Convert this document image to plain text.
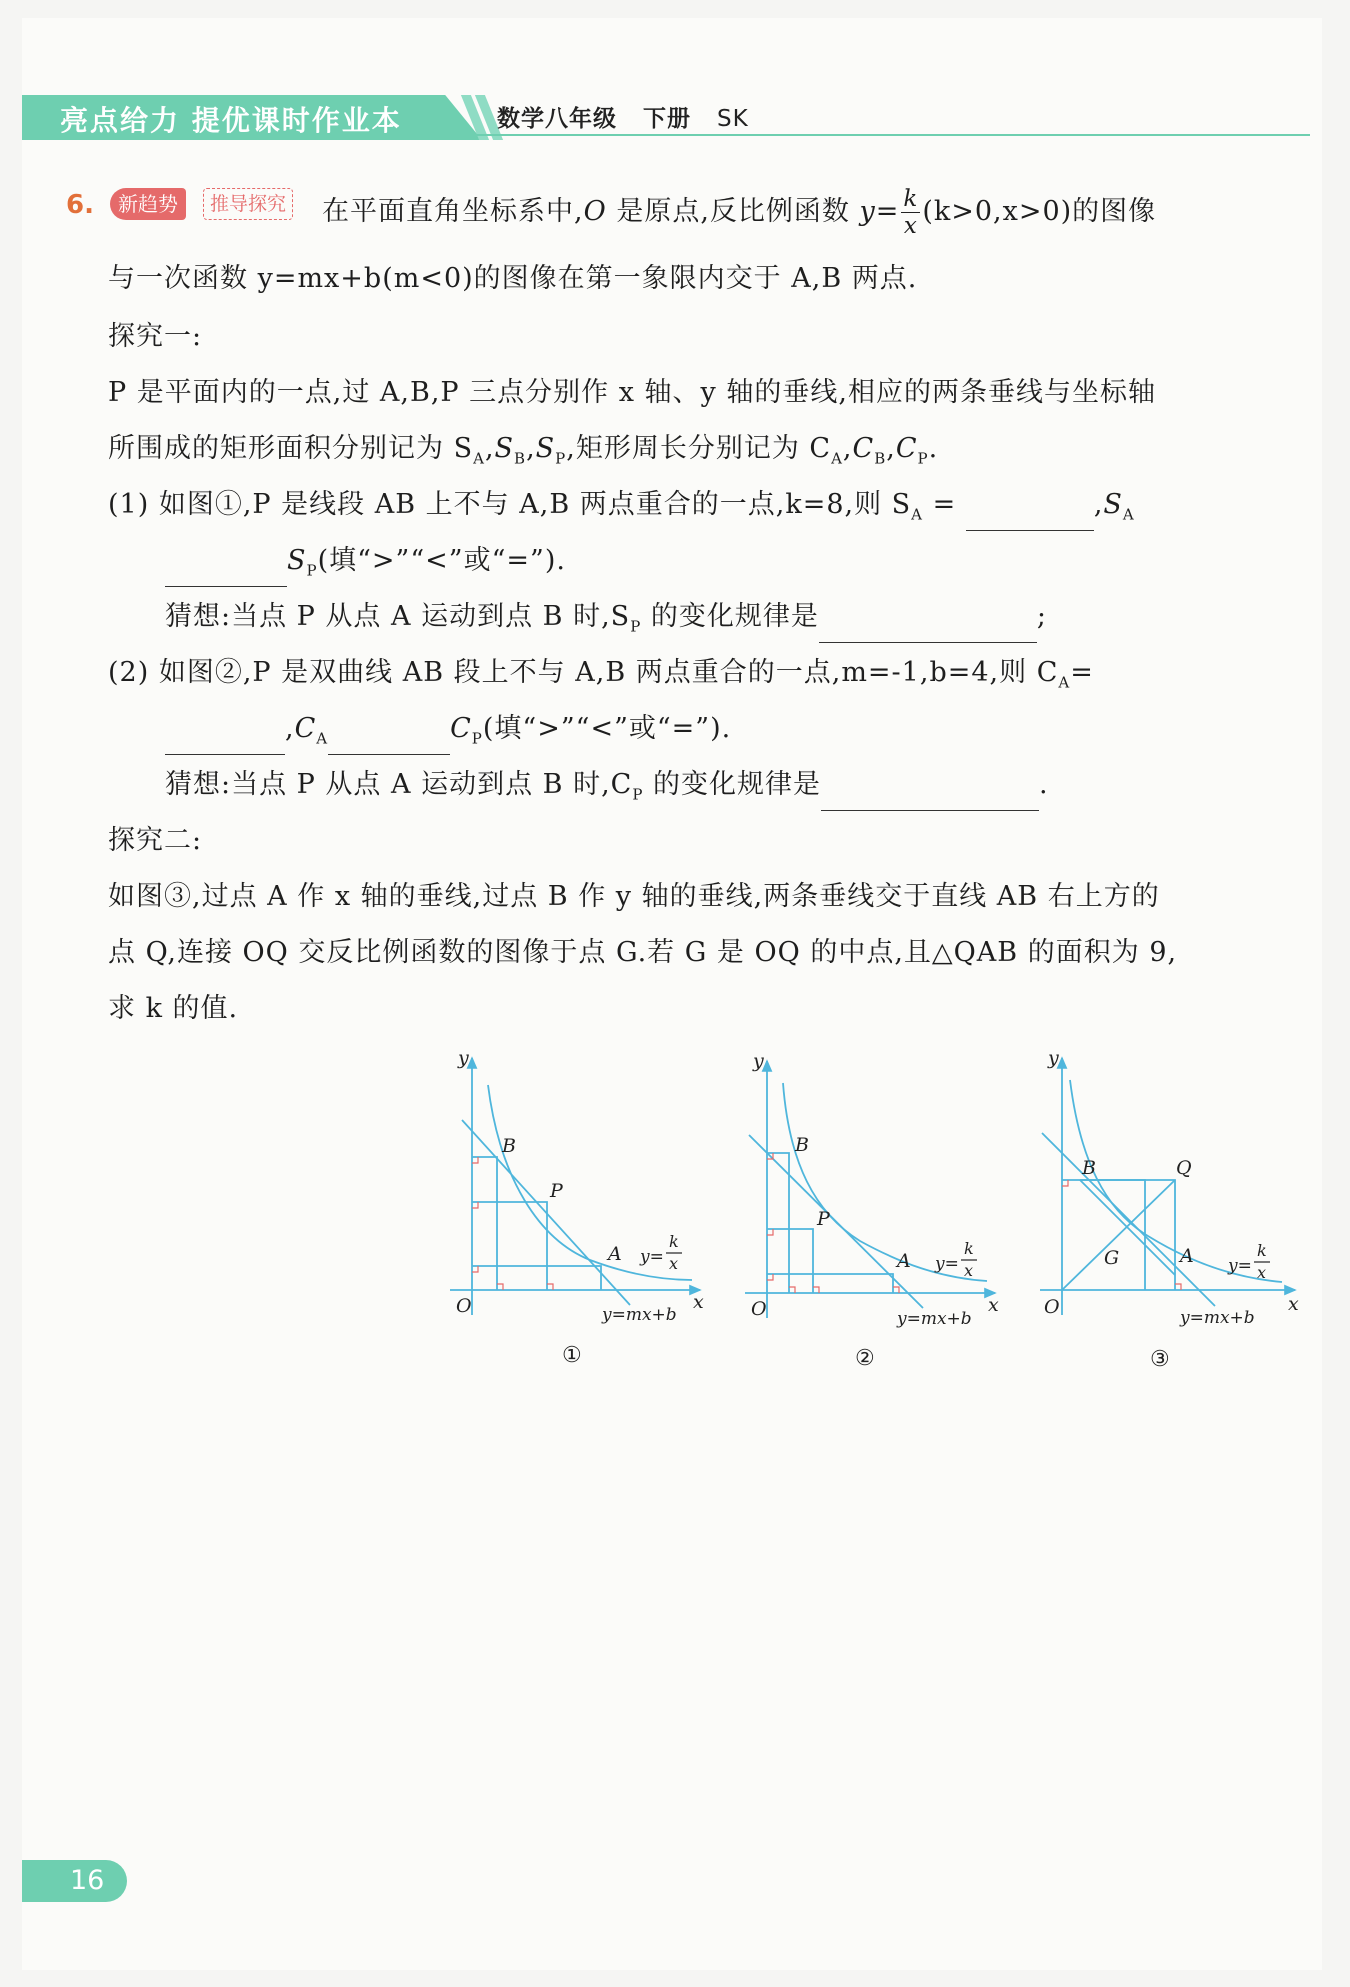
亮点给力 提优课时作业本	数学八年级 下册 SK
6.	新趋势	推导探究 在平面直角坐标系中,O 是原点,反比例函数 $y= \frac{k}{x} (k>0,x>0)$的图像
与一次函数 y=mx+b(m<0)的图像在第一象限内交于 A,B 两点.
探究一:
P 是平面内的一点,过 A,B,P 三点分别作 x 轴、y 轴的垂线,相应的两条垂线与坐标轴
所围成的矩形面积分别记为 $S_A,S_B,S_P$,矩形周长分别记为 $C_A,C_B,C_P$.
(1) 如图①,P 是线段 AB 上不与 A,B 两点重合的一点,k=8,则 $S_A$ =	$,S_A$
$S_P$(填“>”“<”或“=”).
猜想:当点 P 从点 A 运动到点 B 时$,S_P$ 的变化规律是	;
(2) 如图②,P 是双曲线 AB 段上不与 A,B 两点重合的一点,m=-1,b=4,则 $C_A=$
$,C_A$	$C_P$(填“>”“<”或“=”).
猜想:当点 P 从点 A 运动到点 B 时$,C_P$ 的变化规律是	.
探究二:
如图③,过点 A 作 x 轴的垂线,过点 B 作 y 轴的垂线,两条垂线交于直线 AB 右上方的
点 Q,连接 OQ 交反比例函数的图像于点 G.若 G 是 OQ 的中点,且△QAB 的面积为 9,
求 k 的值.
y
O	x
B
P
A y=
k
x
y=mx+b
①
y
O	x
B
P
A y=
k
x
y=mx+b
②
y
O	x
B	Q
G	A y=
k
x
y=mx+b
③
16
